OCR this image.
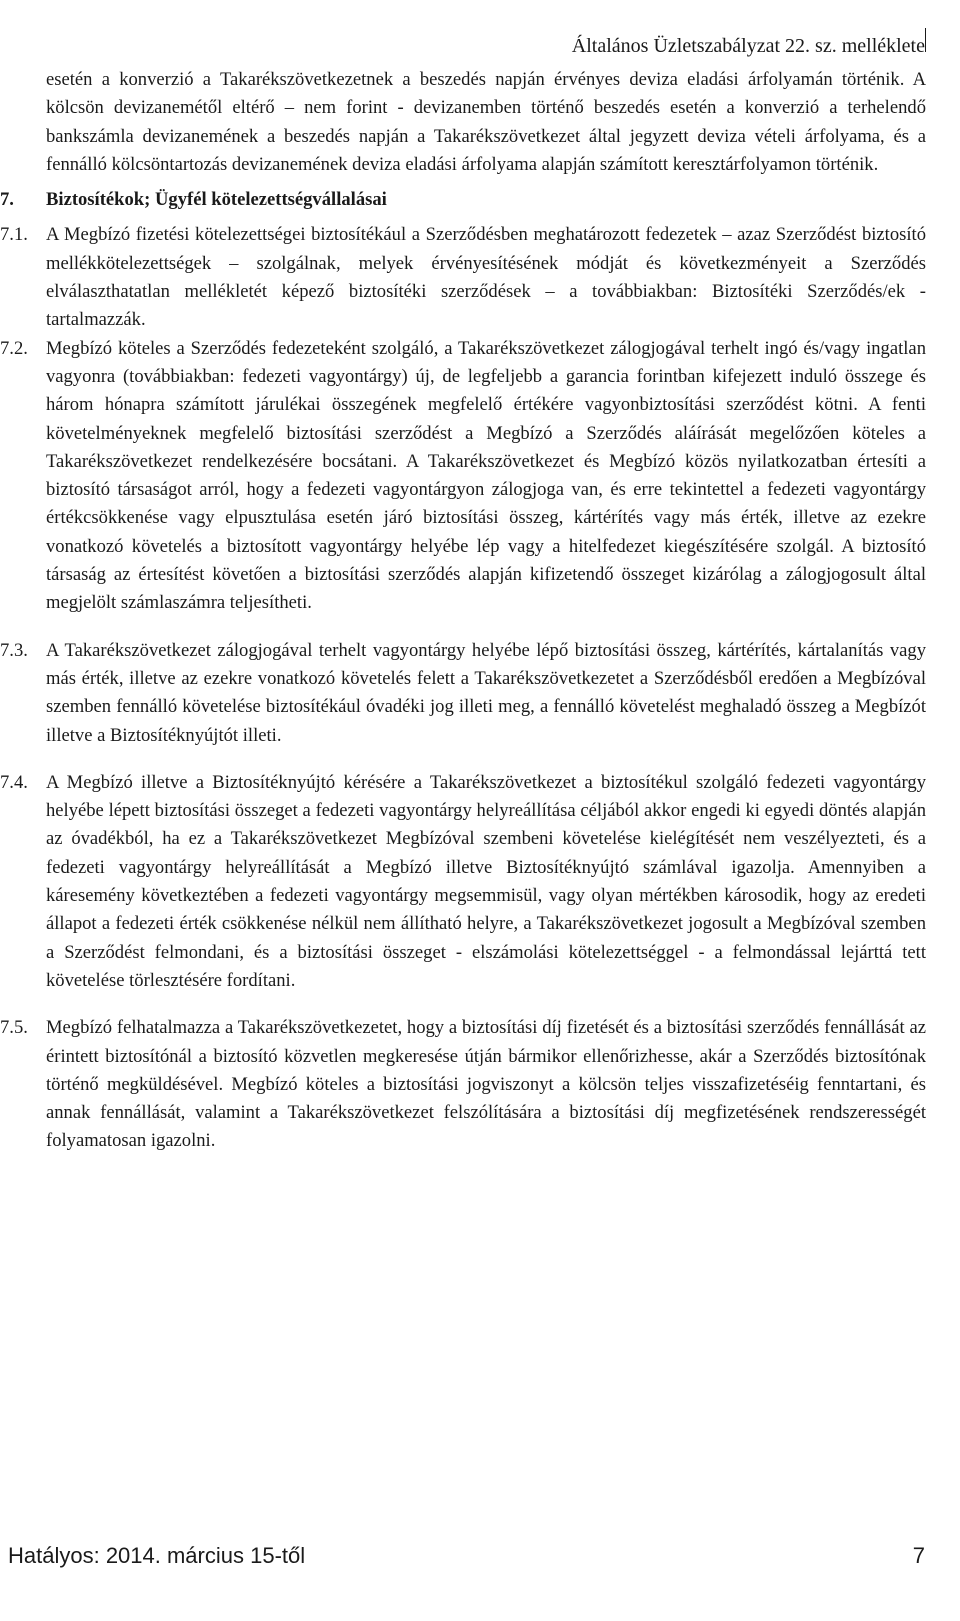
Általános Üzletszabályzat 22. sz. melléklete

esetén a konverzió a Takarékszövetkezetnek a beszedés napján érvényes deviza eladási árfolyamán történik. A kölcsön devizanemétől eltérő – nem forint - devizanemben történő beszedés esetén a konverzió a terhelendő bankszámla devizanemének a beszedés napján a Takarékszövetkezet által jegyzett deviza vételi árfolyama, és a fennálló kölcsöntartozás devizanemének deviza eladási árfolyama alapján számított keresztárfolyamon történik.

7.	Biztosítékok; Ügyfél kötelezettségvállalásai
7.1. A Megbízó fizetési kötelezettségei biztosítékául a Szerződésben meghatározott fedezetek – azaz Szerződést biztosító mellékkötelezettségek – szolgálnak, melyek érvényesítésének módját és következményeit a Szerződés elválaszthatatlan mellékletét képező biztosítéki szerződések – a továbbiakban: Biztosítéki Szerződés/ek - tartalmazzák.
7.2. Megbízó köteles a Szerződés fedezeteként szolgáló, a Takarékszövetkezet zálogjogával terhelt ingó és/vagy ingatlan vagyonra (továbbiakban: fedezeti vagyontárgy) új, de legfeljebb a garancia forintban kifejezett induló összege és három hónapra számított járulékai összegének megfelelő értékére vagyonbiztosítási szerződést kötni. A fenti követelményeknek megfelelő biztosítási szerződést a Megbízó a Szerződés aláírását megelőzően köteles a Takarékszövetkezet rendelkezésére bocsátani. A Takarékszövetkezet és Megbízó közös nyilatkozatban értesíti a biztosító társaságot arról, hogy a fedezeti vagyontárgyon zálogjoga van, és erre tekintettel a fedezeti vagyontárgy értékcsökkenése vagy elpusztulása esetén járó biztosítási összeg, kártérítés vagy más érték, illetve az ezekre vonatkozó követelés a biztosított vagyontárgy helyébe lép vagy a hitelfedezet kiegészítésére szolgál. A biztosító társaság az értesítést követően a biztosítási szerződés alapján kifizetendő összeget kizárólag a zálogjogosult által megjelölt számlaszámra teljesítheti.
7.3. A Takarékszövetkezet zálogjogával terhelt vagyontárgy helyébe lépő biztosítási összeg, kártérítés, kártalanítás vagy más érték, illetve az ezekre vonatkozó követelés felett a Takarékszövetkezetet a Szerződésből eredően a Megbízóval szemben fennálló követelése biztosítékául óvadéki jog illeti meg, a fennálló követelést meghaladó összeg a Megbízót illetve a Biztosítéknyújtót illeti.
7.4. A Megbízó illetve a Biztosítéknyújtó kérésére a Takarékszövetkezet a biztosítékul szolgáló fedezeti vagyontárgy helyébe lépett biztosítási összeget a fedezeti vagyontárgy helyreállítása céljából akkor engedi ki egyedi döntés alapján az óvadékból, ha ez a Takarékszövetkezet Megbízóval szembeni követelése kielégítését nem veszélyezteti, és a fedezeti vagyontárgy helyreállítását a Megbízó illetve Biztosítéknyújtó számlával igazolja. Amennyiben a káresemény következtében a fedezeti vagyontárgy megsemmisül, vagy olyan mértékben károsodik, hogy az eredeti állapot a fedezeti érték csökkenése nélkül nem állítható helyre, a Takarékszövetkezet jogosult a Megbízóval szemben a Szerződést felmondani, és a biztosítási összeget - elszámolási kötelezettséggel - a felmondással lejárttá tett követelése törlesztésére fordítani.
7.5. Megbízó felhatalmazza a Takarékszövetkezetet, hogy a biztosítási díj fizetését és a biztosítási szerződés fennállását az érintett biztosítónál a biztosító közvetlen megkeresése útján bármikor ellenőrizhesse, akár a Szerződés biztosítónak történő megküldésével. Megbízó köteles a biztosítási jogviszonyt a kölcsön teljes visszafizetéséig fenntartani, és annak fennállását, valamint a Takarékszövetkezet felszólítására a biztosítási díj megfizetésének rendszerességét folyamatosan igazolni.
Hatályos: 2014. március 15-től	7
